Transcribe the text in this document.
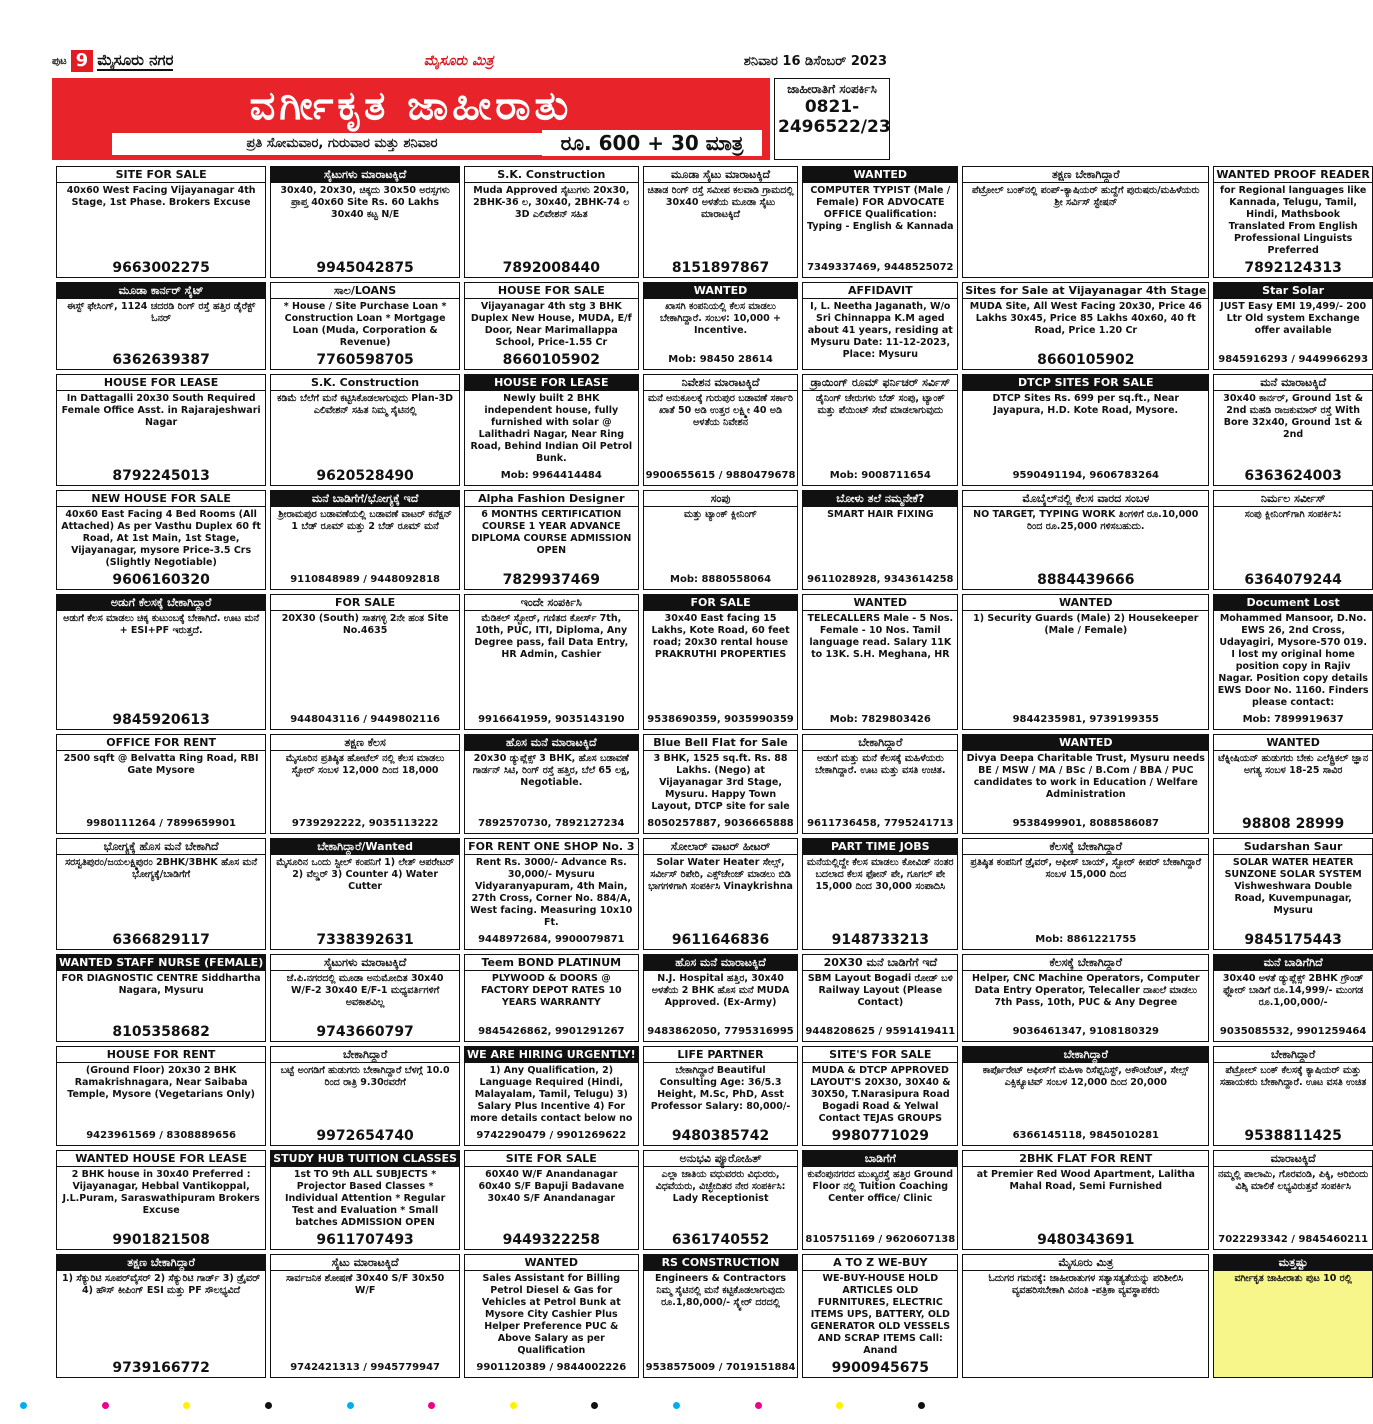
ಪುಟ 9 ಮೈಸೂರು ನಗರ	ಮೈಸೂರು ಮಿತ್ರ	ಶನಿವಾರ 16 ಡಿಸೆಂಬರ್ 2023
ವರ್ಗೀಕೃತ ಜಾಹೀರಾತು
ಪ್ರತಿ ಸೋಮವಾರ, ಗುರುವಾರ ಮತ್ತು ಶನಿವಾರ	ರೂ. 600 + 30 ಮಾತ್ರ
ಜಾಹೀರಾತಿಗೆ ಸಂಪರ್ಕಿಸಿ
0821-2496522/23
SITE FOR SALE
40x60 West Facing Vijayanagar 4th Stage, 1st Phase. Brokers Excuse
9663002275
ಸೈಟುಗಳು ಮಾರಾಟಕ್ಕಿದೆ
30x40, 20x30, ಚಿಕ್ಕದು 30x50 ಅರಸ್ಸಗಳು ಪ್ರಾಪ್ತ 40x60 Site Rs. 60 Lakhs 30x40 ಕಟ್ಟ N/E
9945042875
S.K. Construction
Muda Approved ಸೈಟುಗಳು 20x30, 2BHK-36 ಲ, 30x40, 2BHK-74 ಲ 3D ಎಲಿವೇಶನ್ ಸಹಿತ
7892008440
ಮೂಡಾ ಸೈಟು ಮಾರಾಟಕ್ಕಿದೆ
ಚಿತಾಡ ರಿಂಗ್ ರಸ್ತೆ ಸಮೀಪ ಕಲವಾಡಿ ಗ್ರಾಮದಲ್ಲಿ 30x40 ಅಳತೆಯ ಮೂಡಾ ಸೈಟು ಮಾರಾಟಕ್ಕಿದೆ
8151897867
WANTED
COMPUTER TYPIST (Male / Female) FOR ADVOCATE OFFICE Qualification: Typing - English & Kannada
7349337469, 9448525072
ತಕ್ಷಣ ಬೇಕಾಗಿದ್ದಾರೆ
ಪೆಟ್ರೋಲ್ ಬಂಕ್‌ನಲ್ಲಿ ಪಂಪ್-ಕ್ಯಾಷಿಯರ್ ಹುದ್ದೆಗೆ ಪುರುಷರು/ಮಹಿಳೆಯರು ಶ್ರೀ ಸರ್ವಿಸ್ ಸ್ಟೇಷನ್
WANTED PROOF READER
for Regional languages like Kannada, Telugu, Tamil, Hindi, Mathsbook Translated From English Professional Linguists Preferred
7892124313
ಮೂಡಾ ಕಾರ್ನರ್ ಸೈಟ್
ಈಸ್ಟ್ ಫೇಸಿಂಗ್, 1124 ಚದರಡಿ ರಿಂಗ್ ರಸ್ತೆ ಹತ್ತಿರ ಡೈರೆಕ್ಟ್ ಓನರ್
6362639387
ಸಾಲ/LOANS
* House / Site Purchase Loan * Construction Loan * Mortgage Loan (Muda, Corporation & Revenue)
7760598705
HOUSE FOR SALE
Vijayanagar 4th stg 3 BHK Duplex New House, MUDA, E/f Door, Near Marimallappa School, Price-1.55 Cr
8660105902
WANTED
ಖಾಸಗಿ ಕಂಪನಿಯಲ್ಲಿ ಕೆಲಸ ಮಾಡಲು ಬೇಕಾಗಿದ್ದಾರೆ. ಸಂಬಳ: 10,000 + Incentive.
Mob: 98450 28614
AFFIDAVIT
I, L. Neetha Jaganath, W/o Sri Chinnappa K.M aged about 41 years, residing at Mysuru Date: 11-12-2023, Place: Mysuru
Sites for Sale at Vijayanagar 4th Stage
MUDA Site, All West Facing 20x30, Price 46 Lakhs 30x45, Price 85 Lakhs 40x60, 40 ft Road, Price 1.20 Cr
8660105902
Star Solar
JUST Easy EMI 19,499/- 200 Ltr Old system Exchange offer available
9845916293 / 9449966293
HOUSE FOR LEASE
In Dattagalli 20x30 South Required Female Office Asst. in Rajarajeshwari Nagar
8792245013
S.K. Construction
ಕಡಿಮೆ ಬೆಲೆಗೆ ಮನೆ ಕಟ್ಟಿಸಿಕೊಡಲಾಗುವುದು Plan-3D ಎಲಿವೇಶನ್ ಸಹಿತ ನಿಮ್ಮ ಸೈಟಿನಲ್ಲಿ
9620528490
HOUSE FOR LEASE
Newly built 2 BHK independent house, fully furnished with solar @ Lalithadri Nagar, Near Ring Road, Behind Indian Oil Petrol Bunk.
Mob: 9964414484
ನಿವೇಶನ ಮಾರಾಟಕ್ಕಿದೆ
ಮನೆ ಅನುಕೂಲಕ್ಕೆ ಗುರುಪುರ ಬಡಾವಣೆ ಸರ್ಕಾರಿ ಖಾತೆ 50 ಅಡಿ ಉತ್ತರ ಲಕ್ಷ್ಮೀ 40 ಅಡಿ ಅಳತೆಯ ನಿವೇಶನ
9900655615 / 9880479678
ಡ್ರಾಯಿಂಗ್ ರೂಮ್ ಫರ್ನಿಚರ್ ಸರ್ವಿಸ್
ಡೈನಿಂಗ್ ಚೇರುಗಳು ಬೆಡ್ ಸಂಪು, ಟ್ಯಾಂಕ್ ಮತ್ತು ಪೆಯಿಂಟ್ ಸೇವೆ ಮಾಡಲಾಗುವುದು
Mob: 9008711654
DTCP SITES FOR SALE
DTCP Sites Rs. 699 per sq.ft., Near Jayapura, H.D. Kote Road, Mysore.
9590491194, 9606783264
ಮನೆ ಮಾರಾಟಕ್ಕಿದೆ
30x40 ಕಾರ್ನರ್, Ground 1st & 2nd ಮಹಡಿ ರಾಜಕುಮಾರ್ ರಸ್ತೆ With Bore 32x40, Ground 1st & 2nd
6363624003
NEW HOUSE FOR SALE
40x60 East Facing 4 Bed Rooms (All Attached) As per Vasthu Duplex 60 ft Road, At 1st Main, 1st Stage, Vijayanagar, mysore Price-3.5 Crs (Slightly Negotiable)
9606160320
ಮನೆ ಬಾಡಿಗೆಗೆ/ಭೋಗ್ಯಕ್ಕೆ ಇದೆ
ಶ್ರೀರಾಮಪುರ ಬಡಾವಣೆಯಲ್ಲಿ ಬಡಾವಣೆ ವಾಟರ್ ಕನೆಕ್ಷನ್ 1 ಬೆಡ್ ರೂಮ್ ಮತ್ತು 2 ಬೆಡ್ ರೂಮ್ ಮನೆ
9110848989 / 9448092818
Alpha Fashion Designer
6 MONTHS CERTIFICATION COURSE 1 YEAR ADVANCE DIPLOMA COURSE ADMISSION OPEN
7829937469
ಸಂಪು
ಮತ್ತು ಟ್ಯಾಂಕ್ ಕ್ಲೀನಿಂಗ್
Mob: 8880558064
ಬೋಳು ತಲೆ ನಮ್ಮನೇಕೆ?
SMART HAIR FIXING
9611028928, 9343614258
ಮೊಬೈಲ್‌ನಲ್ಲಿ ಕೆಲಸ ವಾರದ ಸಂಬಳ
NO TARGET, TYPING WORK ತಿಂಗಳಿಗೆ ರೂ.10,000 ರಿಂದ ರೂ.25,000 ಗಳಿಸಬಹುದು.
8884439666
ನಿರ್ಮಲ ಸರ್ವೀಸ್
ಸಂಪು ಕ್ಲೀನಿಂಗ್‌ಗಾಗಿ ಸಂಪರ್ಕಿಸಿ:
6364079244
ಅಡುಗೆ ಕೆಲಸಕ್ಕೆ ಬೇಕಾಗಿದ್ದಾರೆ
ಅಡುಗೆ ಕೆಲಸ ಮಾಡಲು ಚಿಕ್ಕ ಕುಟುಂಬಕ್ಕೆ ಬೇಕಾಗಿದೆ. ಊಟ ಮನೆ + ESI+PF ಇರುತ್ತದೆ.
9845920613
FOR SALE
20X30 (South) ಸಾತಗಳ್ಳಿ 2ನೇ ಹಂತ Site No.4635
9448043116 / 9449802116
ಇಂದೇ ಸಂಪರ್ಕಿಸಿ
ಮೆಡಿಕಲ್ ಸ್ಟೋರ್, ಗಣಿತದ ಕೋರ್ಸ್ 7th, 10th, PUC, ITI, Diploma, Any Degree pass, fail Data Entry, HR Admin, Cashier
9916641959, 9035143190
FOR SALE
30x40 East facing 15 Lakhs, Kote Road, 60 feet road; 20x30 rental house PRAKRUTHI PROPERTIES
9538690359, 9035990359
WANTED
TELECALLERS Male - 5 Nos. Female - 10 Nos. Tamil language read. Salary 11K to 13K. S.H. Meghana, HR
Mob: 7829803426
WANTED
1) Security Guards (Male) 2) Housekeeper (Male / Female)
9844235981, 9739199355
Document Lost
Mohammed Mansoor, D.No. EWS 26, 2nd Cross, Udayagiri, Mysore-570 019. I lost my original home position copy in Rajiv Nagar. Position copy details EWS Door No. 1160. Finders please contact:
Mob: 7899919637
OFFICE FOR RENT
2500 sqft @ Belvatta Ring Road, RBI Gate Mysore
9980111264 / 7899659901
ತಕ್ಷಣ ಕೆಲಸ
ಮೈಸೂರಿನ ಪ್ರತಿಷ್ಠಿತ ಹೋಟೆಲ್ ನಲ್ಲಿ ಕೆಲಸ ಮಾಡಲು ಸ್ಟೋರ್ ಸಂಬಳ 12,000 ದಿಂದ 18,000
9739292222, 9035113222
ಹೊಸ ಮನೆ ಮಾರಾಟಕ್ಕಿದೆ
20x30 ಡ್ಯುಪ್ಲೆಕ್ಸ್ 3 BHK, ಹೊಸ ಬಡಾವಣೆ ಗಾರ್ಡನ್ ಸಿಟಿ, ರಿಂಗ್ ರಸ್ತೆ ಹತ್ತಿರ, ಬೆಲೆ 65 ಲಕ್ಷ, Negotiable.
7892570730, 7892127234
Blue Bell Flat for Sale
3 BHK, 1525 sq.ft. Rs. 88 Lakhs. (Nego) at Vijayanagar 3rd Stage, Mysuru. Happy Town Layout, DTCP site for sale
8050257887, 9036665888
ಬೇಕಾಗಿದ್ದಾರೆ
ಅಡುಗೆ ಮತ್ತು ಮನೆ ಕೆಲಸಕ್ಕೆ ಮಹಿಳೆಯರು ಬೇಕಾಗಿದ್ದಾರೆ. ಊಟ ಮತ್ತು ವಸತಿ ಉಚಿತ.
9611736458, 7795241713
WANTED
Divya Deepa Charitable Trust, Mysuru needs BE / MSW / MA / BSc / B.Com / BBA / PUC candidates to work in Education / Welfare Administration
9538499901, 8088586087
WANTED
ಟೆಕ್ನೀಷಿಯನ್ ಹುಡುಗರು ಬೇಕು ಎಲೆಕ್ಟ್ರಿಕಲ್ ಜ್ಞಾನ ಅಗತ್ಯ ಸಂಬಳ 18-25 ಸಾವಿರ
98808 28999
ಭೋಗ್ಯಕ್ಕೆ ಹೊಸ ಮನೆ ಬೇಕಾಗಿದೆ
ಸರಸ್ವತಿಪುರಂ/ಜಯಲಕ್ಷ್ಮಿಪುರಂ 2BHK/3BHK ಹೊಸ ಮನೆ ಭೋಗ್ಯಕ್ಕೆ/ಬಾಡಿಗೆಗೆ
6366829117
ಬೇಕಾಗಿದ್ದಾರೆ/Wanted
ಮೈಸೂರಿನ ಒಂದು ಸ್ಟೀಲ್ ಕಂಪನಿಗೆ 1) ಲೇತ್ ಆಪರೇಟರ್ 2) ವೆಲ್ಡರ್ 3) Counter 4) Water Cutter
7338392631
FOR RENT ONE SHOP No. 3
Rent Rs. 3000/- Advance Rs. 30,000/- Mysuru Vidyaranyapuram, 4th Main, 27th Cross, Corner No. 884/A, West facing. Measuring 10x10 Ft.
9448972684, 9900079871
ಸೋಲಾರ್ ವಾಟರ್ ಹೀಟರ್
Solar Water Heater ಸೇಲ್ಸ್, ಸರ್ವೀಸ್ ರಿಪೇರಿ, ಎಕ್ಸ್‌ಚೇಂಜ್ ಮಾಡಲು ಬಿಡಿ ಭಾಗಗಳಿಗಾಗಿ ಸಂಪರ್ಕಿಸಿ Vinaykrishna
9611646836
PART TIME JOBS
ಮನೆಯಲ್ಲಿದ್ದೇ ಕೆಲಸ ಮಾಡಲು ಕೋವಿಡ್ ನಂತರ ಬದಲಾದ ಕೆಲಸ ಫೋನ್ ಪೇ, ಗೂಗಲ್ ಪೇ 15,000 ದಿಂದ 30,000 ಸಂಪಾದಿಸಿ
9148733213
ಕೆಲಸಕ್ಕೆ ಬೇಕಾಗಿದ್ದಾರೆ
ಪ್ರತಿಷ್ಠಿತ ಕಂಪನಿಗೆ ಡ್ರೈವರ್, ಆಫೀಸ್ ಬಾಯ್, ಸ್ಟೋರ್ ಕೀಪರ್ ಬೇಕಾಗಿದ್ದಾರೆ ಸಂಬಳ 15,000 ದಿಂದ
Mob: 8861221755
Sudarshan Saur
SOLAR WATER HEATER SUNZONE SOLAR SYSTEM Vishweshwara Double Road, Kuvempunagar, Mysuru
9845175443
WANTED STAFF NURSE (FEMALE)
FOR DIAGNOSTIC CENTRE Siddhartha Nagara, Mysuru
8105358682
ಸೈಟುಗಳು ಮಾರಾಟಕ್ಕಿದೆ
ಜೆ.ಪಿ.ನಗರದಲ್ಲಿ ಮೂಡಾ ಅನುಮೋದಿತ 30x40 W/F-2 30x40 E/F-1 ಮಧ್ಯವರ್ತಿಗಳಿಗೆ ಅವಕಾಶವಿಲ್ಲ
9743660797
Teem BOND PLATINUM
PLYWOOD & DOORS @ FACTORY DEPOT RATES 10 YEARS WARRANTY
9845426862, 9901291267
ಹೊಸ ಮನೆ ಮಾರಾಟಕ್ಕಿದೆ
N.J. Hospital ಹತ್ತಿರ, 30x40 ಅಳತೆಯ 2 BHK ಹೊಸ ಮನೆ MUDA Approved. (Ex-Army)
9483862050, 7795316995
20X30 ಮನೆ ಬಾಡಿಗೆಗೆ ಇದೆ
SBM Layout Bogadi ರೋಡ್ ಬಳಿ Railway Layout (Please Contact)
9448208625 / 9591419411
ಕೆಲಸಕ್ಕೆ ಬೇಕಾಗಿದ್ದಾರೆ
Helper, CNC Machine Operators, Computer Data Entry Operator, Telecaller ದಾಖಲೆ ಮಾಡಲು 7th Pass, 10th, PUC & Any Degree
9036461347, 9108180329
ಮನೆ ಬಾಡಿಗೆಗಿದೆ
30x40 ಅಳತೆ ಡ್ಯುಪ್ಲೆಕ್ಸ್ 2BHK ಗ್ರೌಂಡ್ ಫ್ಲೋರ್ ಬಾಡಿಗೆ ರೂ.14,999/- ಮುಂಗಡ ರೂ.1,00,000/-
9035085532, 9901259464
HOUSE FOR RENT
(Ground Floor) 20x30 2 BHK Ramakrishnagara, Near Saibaba Temple, Mysore (Vegetarians Only)
9423961569 / 8308889656
ಬೇಕಾಗಿದ್ದಾರೆ
ಬಟ್ಟೆ ಅಂಗಡಿಗೆ ಹುಡುಗರು ಬೇಕಾಗಿದ್ದಾರೆ ಬೆಳಗ್ಗೆ 10.0 ರಿಂದ ರಾತ್ರಿ 9.30ರವರೆಗೆ
9972654740
WE ARE HIRING URGENTLY!
1) Any Qualification, 2) Language Required (Hindi, Malayalam, Tamil, Telugu) 3) Salary Plus Incentive 4) For more details contact below no
9742290479 / 9901269622
LIFE PARTNER
ಬೇಕಾಗಿದ್ದಾರೆ Beautiful Consulting Age: 36/5.3 Height, M.Sc, PhD, Asst Professor Salary: 80,000/-
9480385742
SITE'S FOR SALE
MUDA & DTCP APPROVED LAYOUT'S 20X30, 30X40 & 30X50, T.Narasipura Road Bogadi Road & Yelwal Contact TEJAS GROUPS
9980771029
ಬೇಕಾಗಿದ್ದಾರೆ
ಕಾರ್ಪೊರೇಟ್ ಆಫೀಸ್‌ಗೆ ಮಹಿಳಾ ರಿಸೆಪ್ಷನಿಸ್ಟ್, ಅಕೌಂಟೆಂಟ್, ಸೇಲ್ಸ್ ಎಕ್ಸಿಕ್ಯೂಟಿವ್ ಸಂಬಳ 12,000 ದಿಂದ 20,000
6366145118, 9845010281
ಬೇಕಾಗಿದ್ದಾರೆ
ಪೆಟ್ರೋಲ್ ಬಂಕ್ ಕೆಲಸಕ್ಕೆ ಕ್ಯಾಷಿಯರ್ ಮತ್ತು ಸಹಾಯಕರು ಬೇಕಾಗಿದ್ದಾರೆ. ಊಟ ವಸತಿ ಉಚಿತ
9538811425
WANTED HOUSE FOR LEASE
2 BHK house in 30x40 Preferred : Vijayanagar, Hebbal Vantikoppal, J.L.Puram, Saraswathipuram Brokers Excuse
9901821508
STUDY HUB TUITION CLASSES
1st TO 9th ALL SUBJECTS * Projector Based Classes * Individual Attention * Regular Test and Evaluation * Small batches ADMISSION OPEN
9611707493
SITE FOR SALE
60X40 W/F Anandanagar 60x40 S/F Bapuji Badavane 30x40 S/F Anandanagar
9449322258
ಅನುಭವಿ ಪ್ಯೂರೋಹಿತ್
ಎಲ್ಲಾ ಜಾತಿಯ ವಧುವರರು ವಿಧುರರು, ವಿಧವೆಯರು, ವಿಚ್ಛೇದಿತರ ನೇರ ಸಂಪರ್ಕಿಸಿ: Lady Receptionist
6361740552
ಬಾಡಿಗೆಗೆ
ಕುವೆಂಪುನಗರದ ಮುಖ್ಯರಸ್ತೆ ಹತ್ತಿರ Ground Floor ನಲ್ಲಿ Tuition Coaching Center office/ Clinic
8105751169 / 9620607138
2BHK FLAT FOR RENT
at Premier Red Wood Apartment, Lalitha Mahal Road, Semi Furnished
9480343691
ಮಾರಾಟಕ್ಕಿದೆ
ನಮ್ಮಲ್ಲಿ ಪಾಲಾಮಿ, ಗೊರವಂಡಿ, ಪಿಕ್ಕಿ, ಆರಿಬಿಂದು ವಿಶ್ಕಿ ಮಾಲಿಕೆ ಲಭ್ಯವಿರುತ್ತವೆ ಸಂಪರ್ಕಿಸಿ
7022293342 / 9845460211
ತಕ್ಷಣ ಬೇಕಾಗಿದ್ದಾರೆ
1) ಸೆಕ್ಯುರಿಟಿ ಸೂಪರ್‌ವೈಸರ್ 2) ಸೆಕ್ಯುರಿಟಿ ಗಾರ್ಡ್ 3) ಡ್ರೈವರ್ 4) ಹೌಸ್ ಕೀಪಿಂಗ್ ESI ಮತ್ತು PF ಸೌಲಭ್ಯವಿದೆ
9739166772
ಸೈಟು ಮಾರಾಟಕ್ಕಿದೆ
ಸಾರ್ವಜನಿಕ ಶೋಷಣೆ 30x40 S/F 30x50 W/F
9742421313 / 9945779947
WANTED
Sales Assistant for Billing Petrol Diesel & Gas for Vehicles at Petrol Bunk at Mysore City Cashier Plus Helper Preference PUC & Above Salary as per Qualification
9901120389 / 9844002226
RS CONSTRUCTION
Engineers & Contractors ನಿಮ್ಮ ಸೈಟಿನಲ್ಲಿ ಮನೆ ಕಟ್ಟಿಕೊಡಲಾಗುವುದು ರೂ.1,80,000/- ಸ್ಕ್ವೇರ್ ದರದಲ್ಲಿ
9538575009 / 7019151884
A TO Z WE-BUY
WE-BUY-HOUSE HOLD ARTICLES OLD FURNITURES, ELECTRIC ITEMS UPS, BATTERY, OLD GENERATOR OLD VESSELS AND SCRAP ITEMS Call: Anand
9900945675
ಮೈಸೂರು ಮಿತ್ರ
ಓದುಗರ ಗಮನಕ್ಕೆ: ಜಾಹೀರಾತುಗಳ ಸತ್ಯಾಸತ್ಯತೆಯನ್ನು ಪರಿಶೀಲಿಸಿ ವ್ಯವಹರಿಸಬೇಕಾಗಿ ವಿನಂತಿ -ಪತ್ರಿಕಾ ವ್ಯವಸ್ಥಾಪಕರು
ಮತ್ತಷ್ಟು
ವರ್ಗೀಕೃತ ಜಾಹೀರಾತು ಪುಟ 10 ರಲ್ಲಿ
